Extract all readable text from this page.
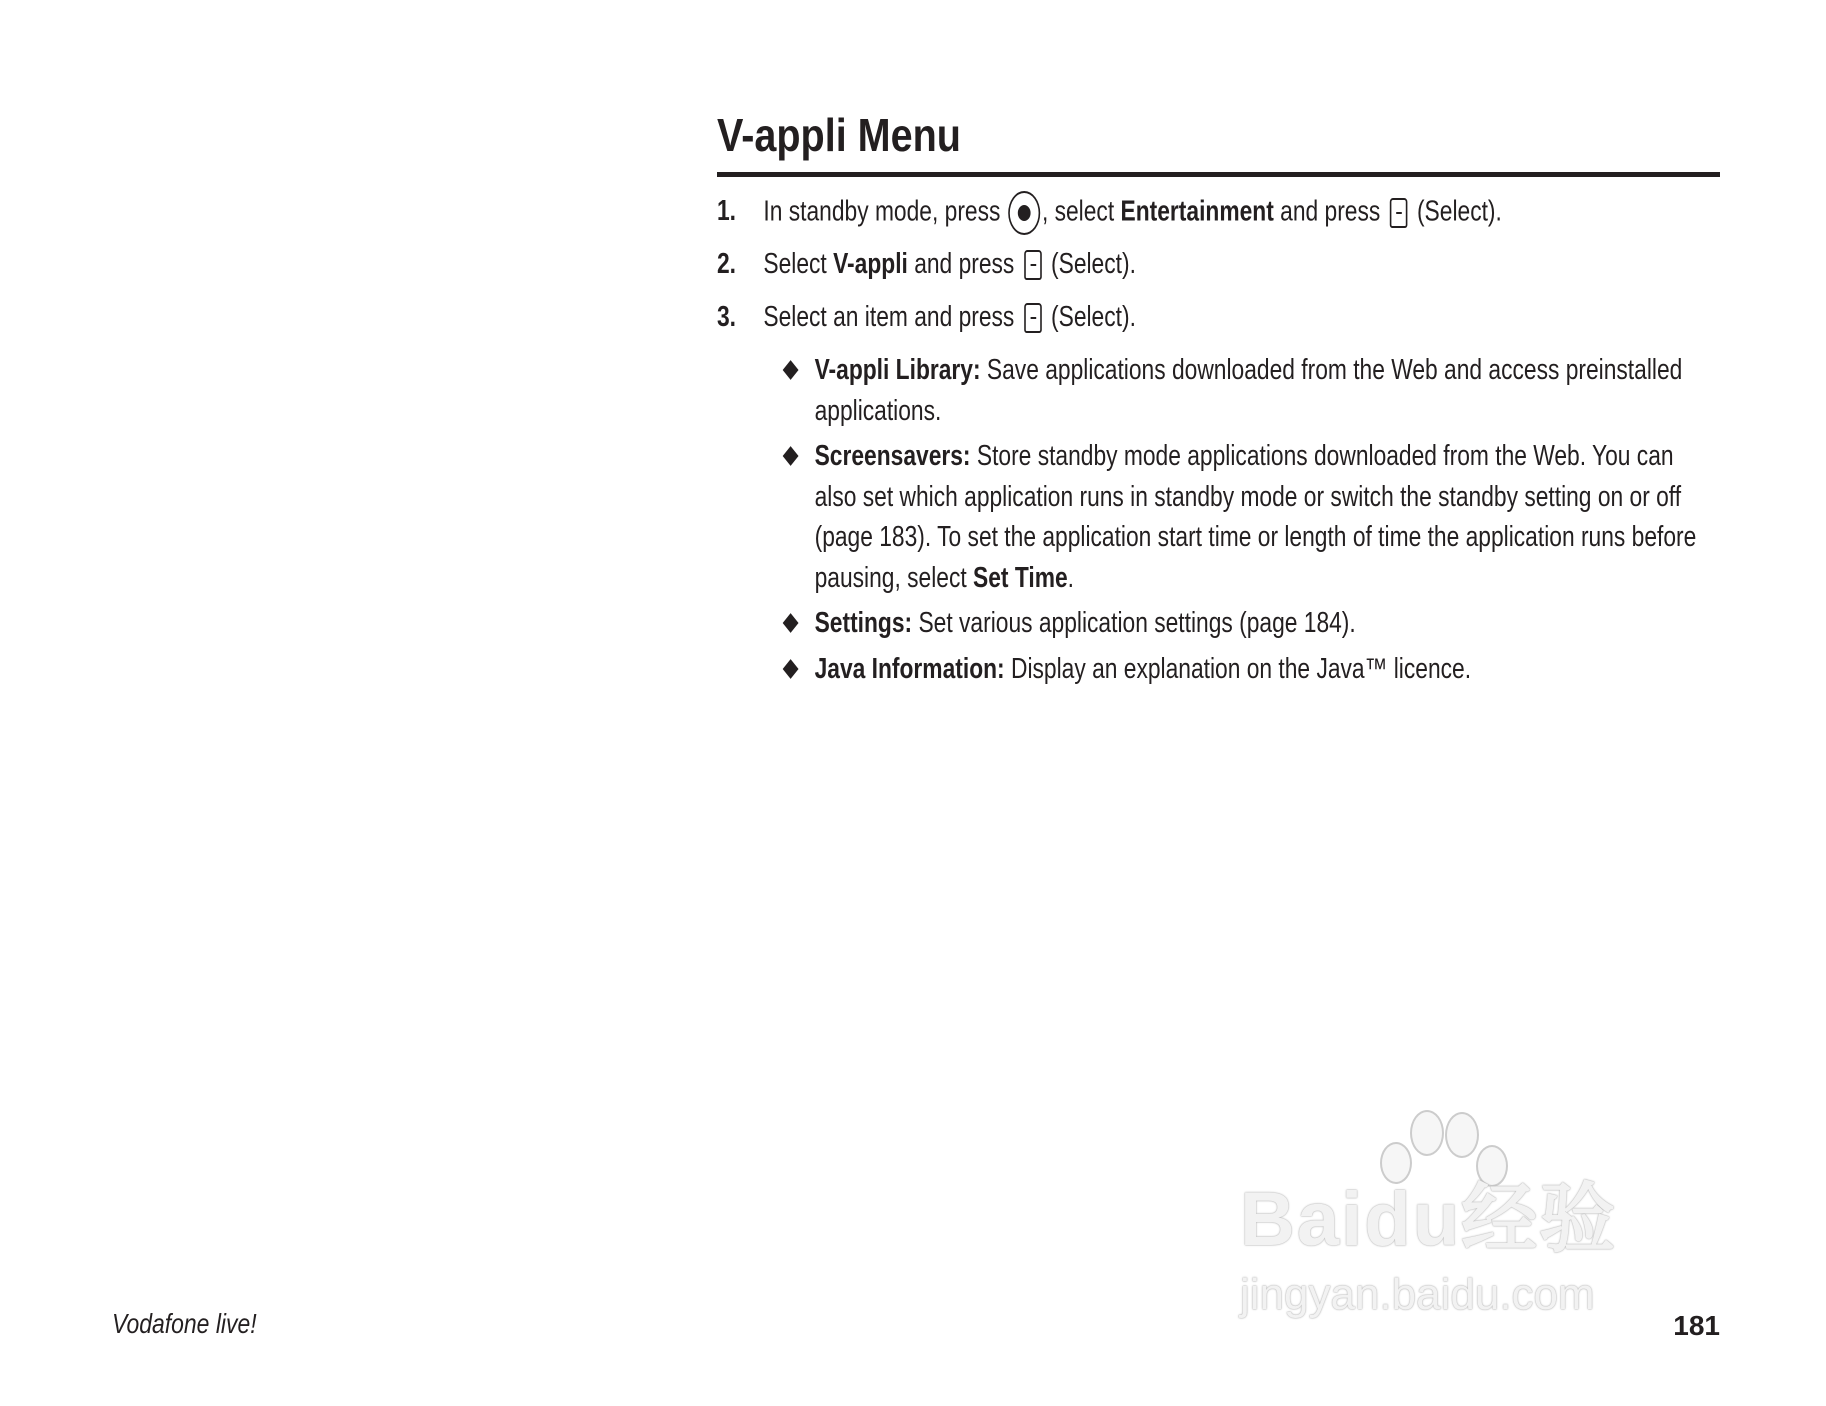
V-appli Menu
1. In standby mode, press , select Entertainment and press (Select).
2. Select V-appli and press (Select).
3. Select an item and press (Select).
V-appli Library: Save applications downloaded from the Web and access preinstalled applications.
Screensavers: Store standby mode applications downloaded from the Web. You can also set which application runs in standby mode or switch the standby setting on or off (page 183). To set the application start time or length of time the application runs before pausing, select Set Time.
Settings: Set various application settings (page 184).
Java Information: Display an explanation on the Java™ licence.
Baidu经验
jingyan.baidu.com
Vodafone live!	181
